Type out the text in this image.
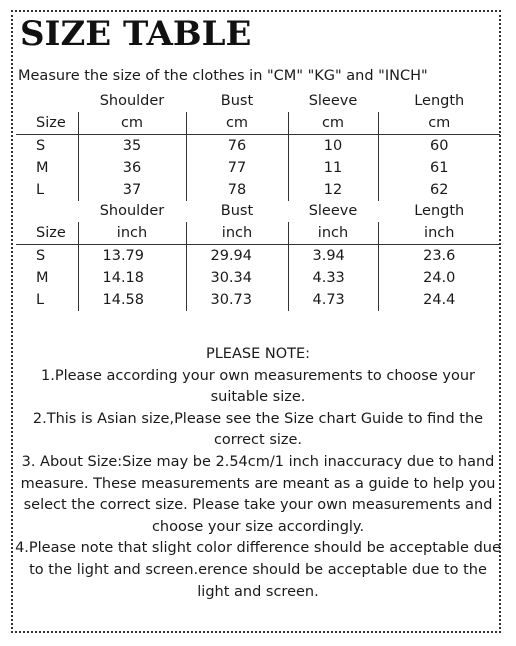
SIZE TABLE
Measure the size of the clothes in "CM" "KG" and "INCH"
	Shoulder	Bust	Sleeve	Length
Size	cm	cm	cm	cm
S	35	76	10	60
M	36	77	11	61
L	37	78	12	62
	Shoulder	Bust	Sleeve	Length
Size	inch	inch	inch	inch
S	13.79	29.94	3.94	23.6
M	14.18	30.34	4.33	24.0
L	14.58	30.73	4.73	24.4

PLEASE NOTE:

1.Please according your own measurements to choose your suitable size.

2.This is Asian size,Please see the Size chart Guide to find the correct size.

3. About Size:Size may be 2.54cm/1 inch inaccuracy due to hand measure. These measurements are meant as a guide to help you select the correct size. Please take your own measurements and choose your size accordingly.

4.Please note that slight color difference should be acceptable due to the light and screen.erence should be acceptable due to the light and screen.
